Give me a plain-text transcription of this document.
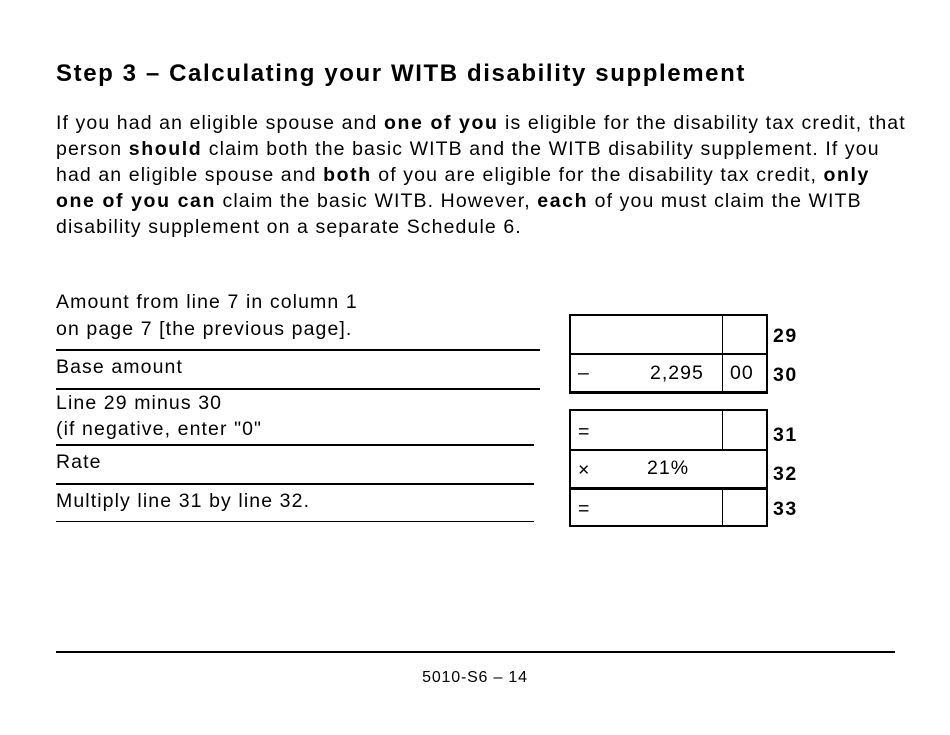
Step 3 – Calculating your WITB disability supplement

If you had an eligible spouse and one of you is eligible for the disability tax credit, that person should claim both the basic WITB and the WITB disability supplement. If you had an eligible spouse and both of you are eligible for the disability tax credit, only one of you can claim the basic WITB. However, each of you must claim the WITB disability supplement on a separate Schedule 6.

Amount from line 7 in column 1
on page 7 [the previous page].
Base amount
Line 29 minus 30
(if negative, enter "0"
Rate
Multiply line 31 by line 32.
–	2,295 00
29
30
=
×	21%
=
31
32
33
5010-S6 – 14
